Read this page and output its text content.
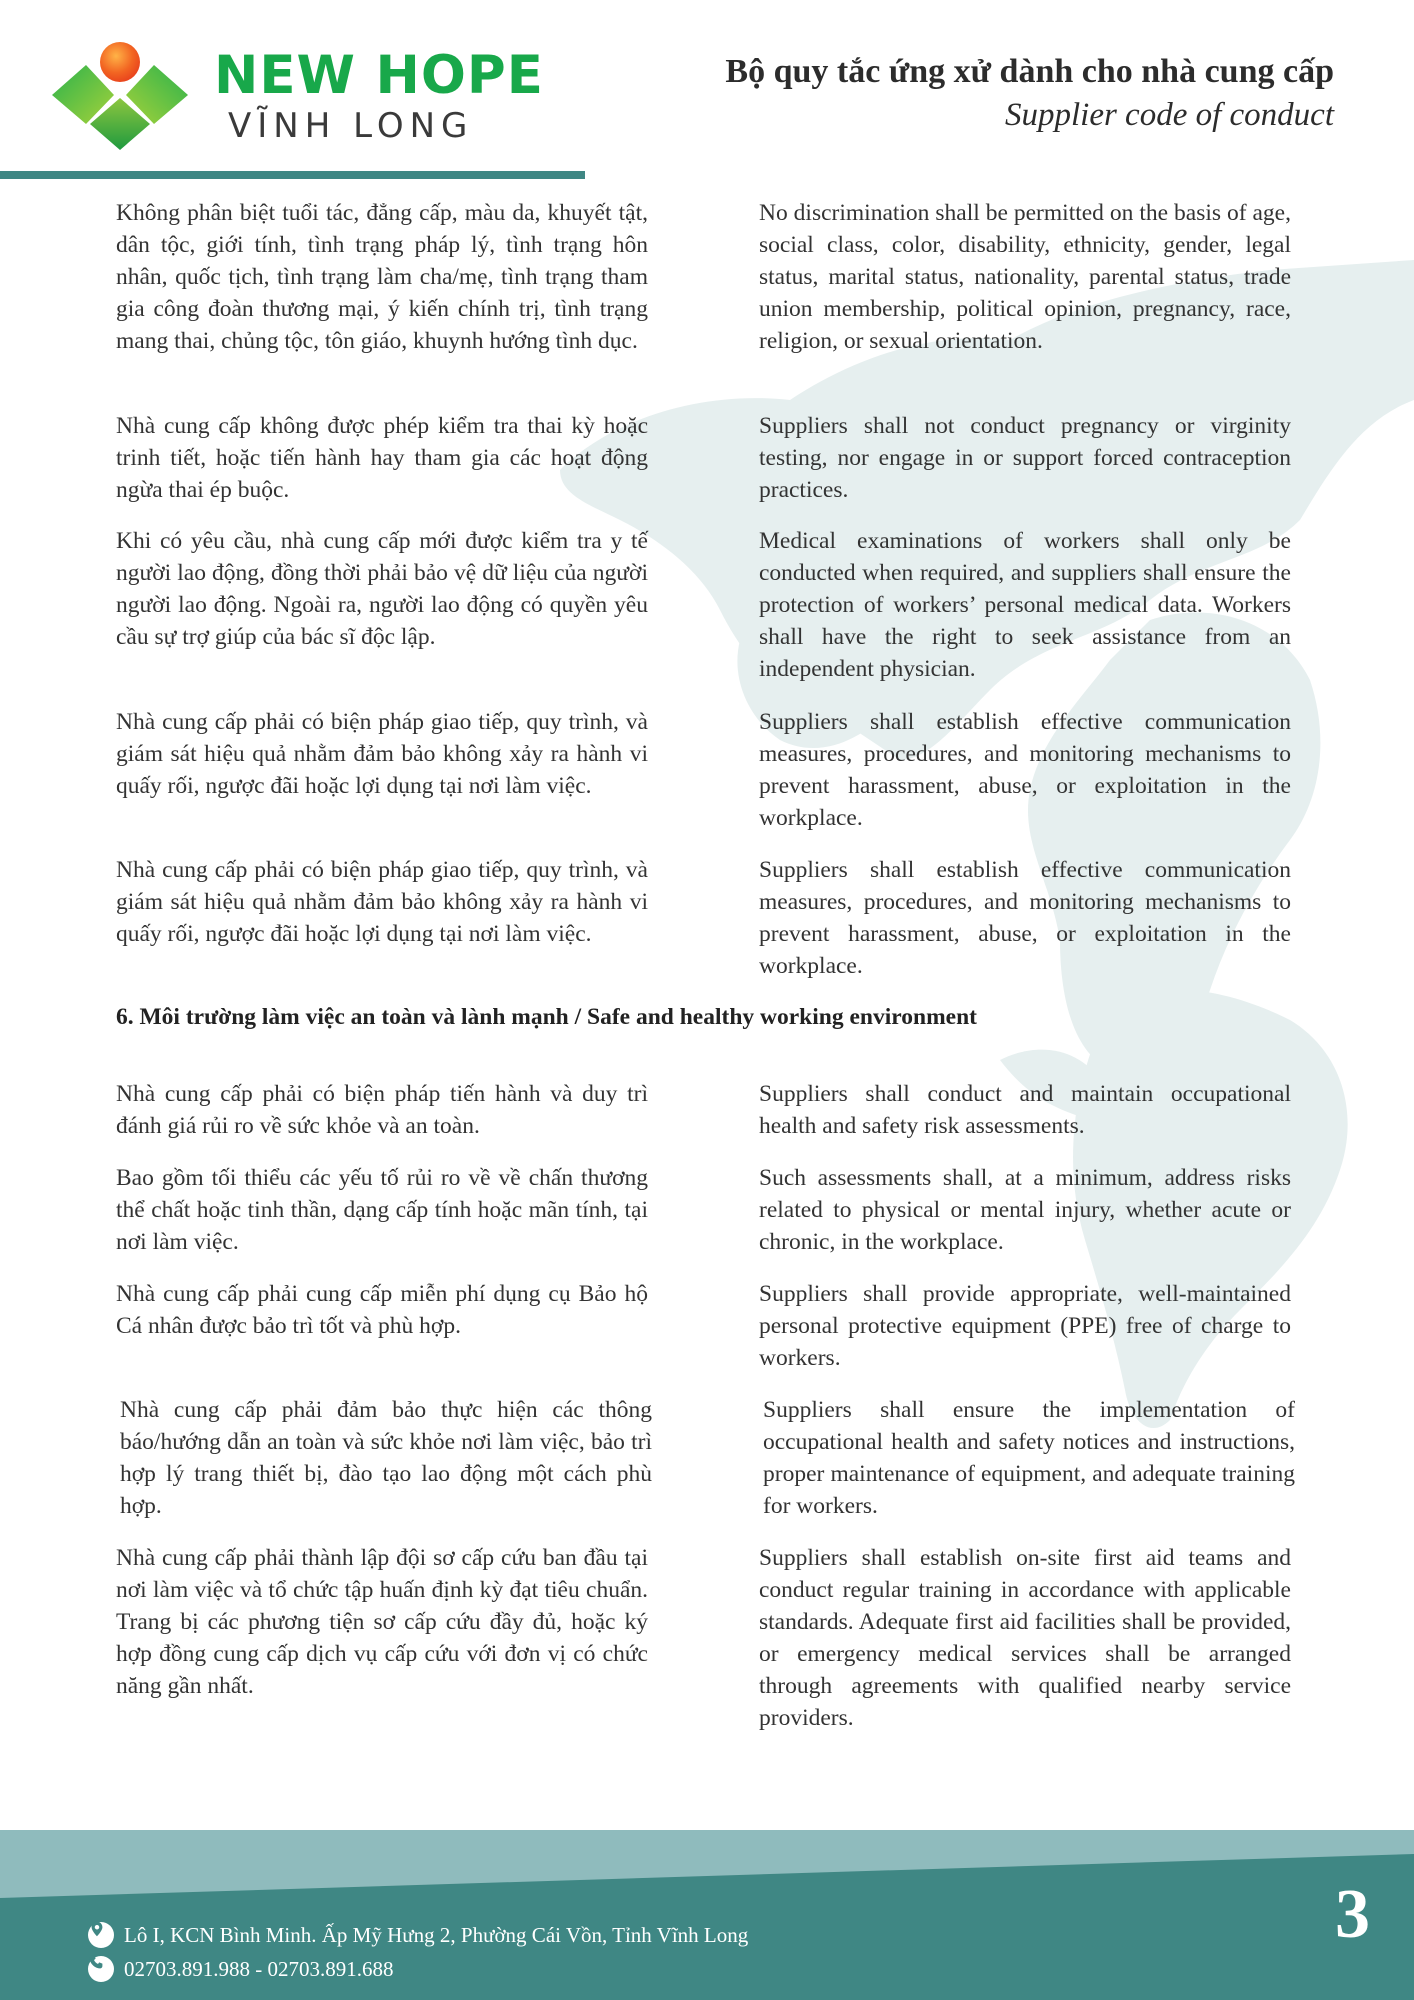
NEW HOPE
VĨNH LONG
Bộ quy tắc ứng xử dành cho nhà cung cấp
Supplier code of conduct

Không phân biệt tuổi tác, đẳng cấp, màu da, khuyết tật, dân tộc, giới tính, tình trạng pháp lý, tình trạng hôn nhân, quốc tịch, tình trạng làm cha/mẹ, tình trạng tham gia công đoàn thương mại, ý kiến chính trị, tình trạng mang thai, chủng tộc, tôn giáo, khuynh hướng tình dục.

No discrimination shall be permitted on the basis of age, social class, color, disability, ethnicity, gender, legal status, marital status, nationality, parental status, trade union membership, political opinion, pregnancy, race, religion, or sexual orientation.

Nhà cung cấp không được phép kiểm tra thai kỳ hoặc trinh tiết, hoặc tiến hành hay tham gia các hoạt động ngừa thai ép buộc.

Suppliers shall not conduct pregnancy or virginity testing, nor engage in or support forced contraception practices.

Khi có yêu cầu, nhà cung cấp mới được kiểm tra y tế người lao động, đồng thời phải bảo vệ dữ liệu của người người lao động. Ngoài ra, người lao động có quyền yêu cầu sự trợ giúp của bác sĩ độc lập.

Medical examinations of workers shall only be conducted when required, and suppliers shall ensure the protection of workers’ personal medical data. Workers shall have the right to seek assistance from an independent physician.

Nhà cung cấp phải có biện pháp giao tiếp, quy trình, và giám sát hiệu quả nhằm đảm bảo không xảy ra hành vi quấy rối, ngược đãi hoặc lợi dụng tại nơi làm việc.

Suppliers shall establish effective communication measures, procedures, and monitoring mechanisms to prevent harassment, abuse, or exploitation in the workplace.

Nhà cung cấp phải có biện pháp giao tiếp, quy trình, và giám sát hiệu quả nhằm đảm bảo không xảy ra hành vi quấy rối, ngược đãi hoặc lợi dụng tại nơi làm việc.

Suppliers shall establish effective communication measures, procedures, and monitoring mechanisms to prevent harassment, abuse, or exploitation in the workplace.

6. Môi trường làm việc an toàn và lành mạnh / Safe and healthy working environment

Nhà cung cấp phải có biện pháp tiến hành và duy trì đánh giá rủi ro về sức khỏe và an toàn.

Suppliers shall conduct and maintain occupational health and safety risk assessments.

Bao gồm tối thiểu các yếu tố rủi ro về về chấn thương thể chất hoặc tinh thần, dạng cấp tính hoặc mãn tính, tại nơi làm việc.

Such assessments shall, at a minimum, address risks related to physical or mental injury, whether acute or chronic, in the workplace.

Nhà cung cấp phải cung cấp miễn phí dụng cụ Bảo hộ Cá nhân được bảo trì tốt và phù hợp.

Suppliers shall provide appropriate, well-maintained personal protective equipment (PPE) free of charge to workers.

Nhà cung cấp phải đảm bảo thực hiện các thông báo/hướng dẫn an toàn và sức khỏe nơi làm việc, bảo trì hợp lý trang thiết bị, đào tạo lao động một cách phù hợp.

Suppliers shall ensure the implementation of occupational health and safety notices and instructions, proper maintenance of equipment, and adequate training for workers.

Nhà cung cấp phải thành lập đội sơ cấp cứu ban đầu tại nơi làm việc và tổ chức tập huấn định kỳ đạt tiêu chuẩn. Trang bị các phương tiện sơ cấp cứu đầy đủ, hoặc ký hợp đồng cung cấp dịch vụ cấp cứu với đơn vị có chức năng gần nhất.

Suppliers shall establish on-site first aid teams and conduct regular training in accordance with applicable standards. Adequate first aid facilities shall be provided, or emergency medical services shall be arranged through agreements with qualified nearby service providers.

Lô I, KCN Bình Minh. Ấp Mỹ Hưng 2, Phường Cái Vồn, Tỉnh Vĩnh Long
02703.891.988 - 02703.891.688
3
